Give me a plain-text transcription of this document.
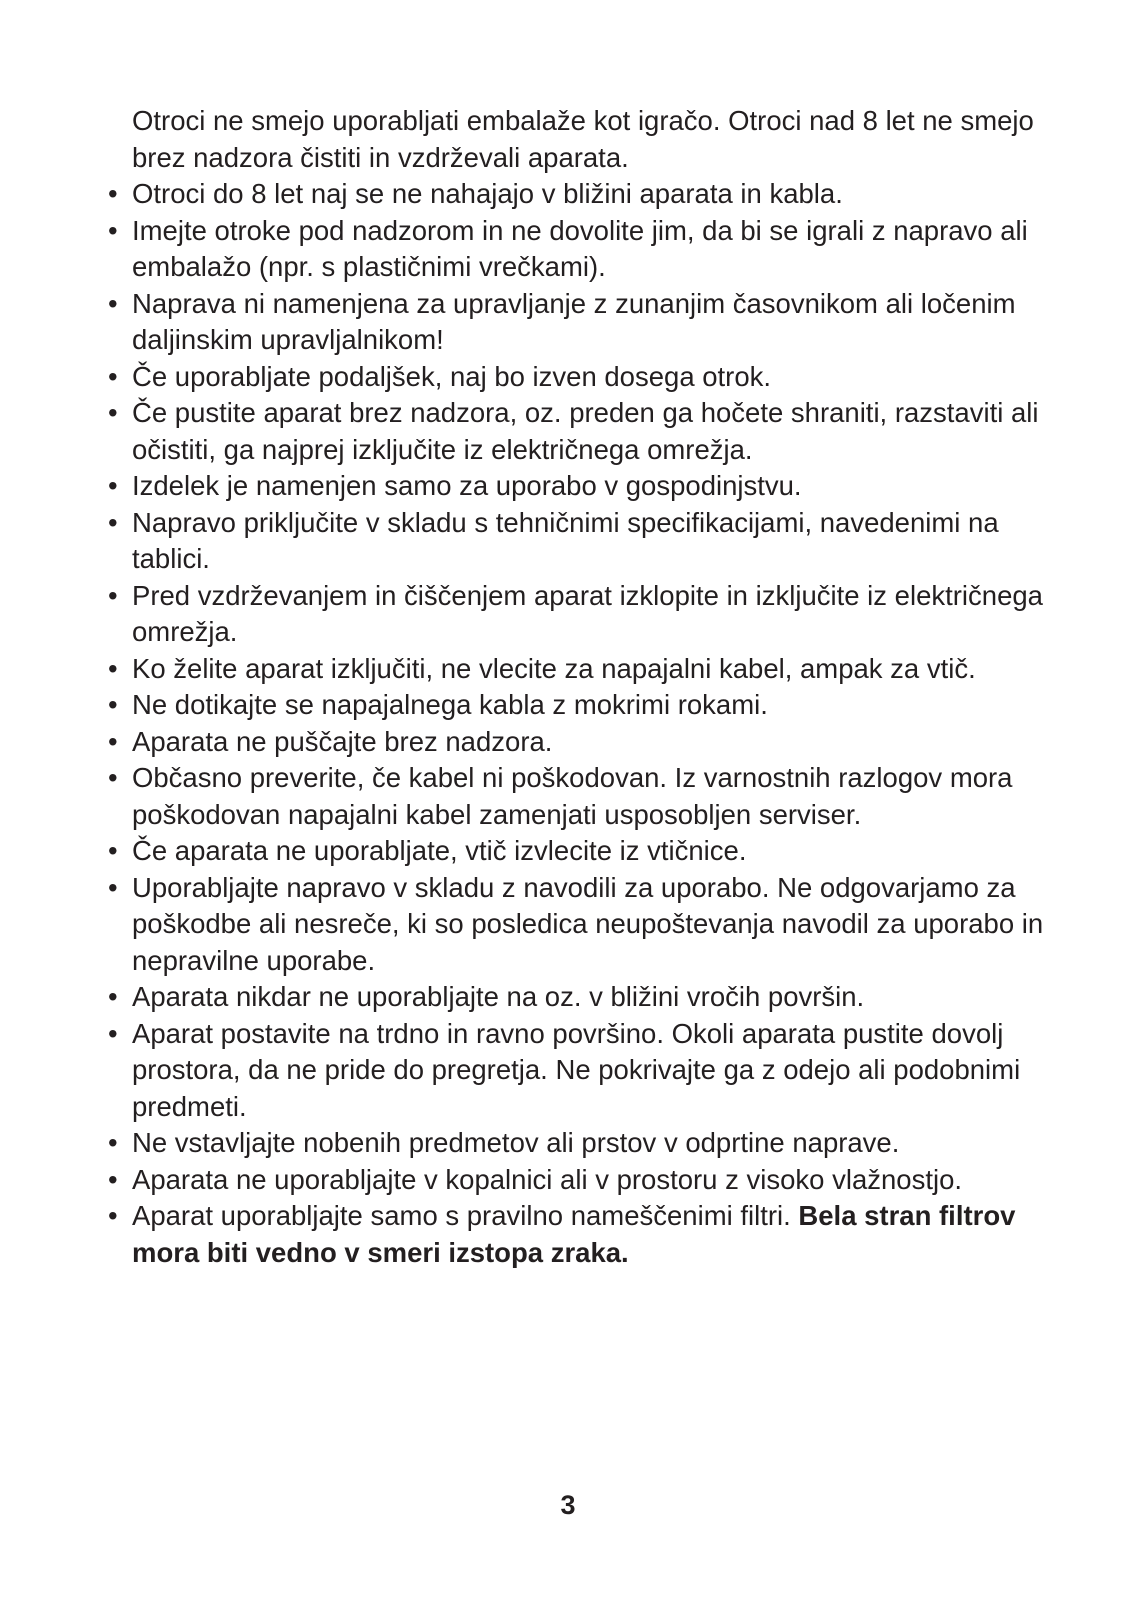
Otroci ne smejo uporabljati embalaže kot igračo. Otroci nad 8 let ne smejo brez nadzora čistiti in vzdrževali aparata.

• Otroci do 8 let naj se ne nahajajo v bližini aparata in kabla.
• Imejte otroke pod nadzorom in ne dovolite jim, da bi se igrali z napravo ali embalažo (npr. s plastičnimi vrečkami).
• Naprava ni namenjena za upravljanje z zunanjim časovnikom ali ločenim daljinskim upravljalnikom!
• Če uporabljate podaljšek, naj bo izven dosega otrok.
• Če pustite aparat brez nadzora, oz. preden ga hočete shraniti, razstaviti ali očistiti, ga najprej izključite iz električnega omrežja.
• Izdelek je namenjen samo za uporabo v gospodinjstvu.
• Napravo priključite v skladu s tehničnimi specifikacijami, navedenimi na tablici.
• Pred vzdrževanjem in čiščenjem aparat izklopite in izključite iz električnega omrežja.
• Ko želite aparat izključiti, ne vlecite za napajalni kabel, ampak za vtič.
• Ne dotikajte se napajalnega kabla z mokrimi rokami.
• Aparata ne puščajte brez nadzora.
• Občasno preverite, če kabel ni poškodovan. Iz varnostnih razlogov mora poškodovan napajalni kabel zamenjati usposobljen serviser.
• Če aparata ne uporabljate, vtič izvlecite iz vtičnice.
• Uporabljajte napravo v skladu z navodili za uporabo. Ne odgovarjamo za poškodbe ali nesreče, ki so posledica neupoštevanja navodil za uporabo in nepravilne uporabe.
• Aparata nikdar ne uporabljajte na oz. v bližini vročih površin.
• Aparat postavite na trdno in ravno površino. Okoli aparata pustite dovolj prostora, da ne pride do pregretja. Ne pokrivajte ga z odejo ali podobnimi predmeti.
• Ne vstavljajte nobenih predmetov ali prstov v odprtine naprave.
• Aparata ne uporabljajte v kopalnici ali v prostoru z visoko vlažnostjo.
• Aparat uporabljajte samo s pravilno nameščenimi filtri. Bela stran filtrov mora biti vedno v smeri izstopa zraka.
3
